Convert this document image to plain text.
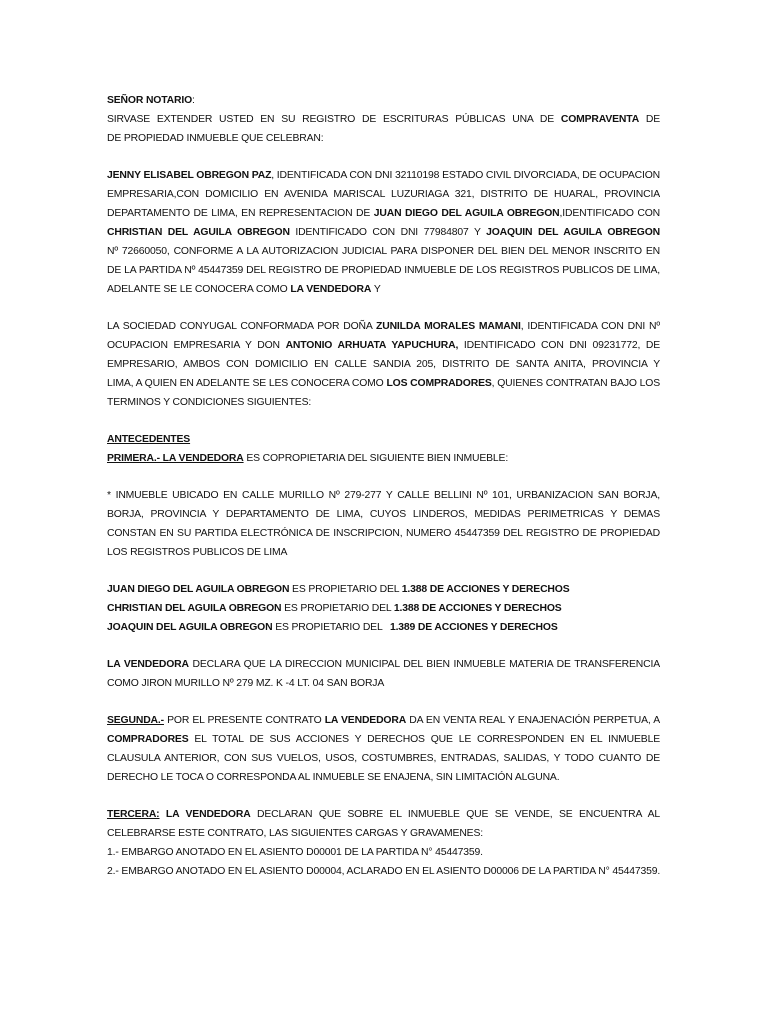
SEÑOR NOTARIO:
SIRVASE EXTENDER USTED EN SU REGISTRO DE ESCRITURAS PÚBLICAS UNA DE COMPRAVENTA DE
DE PROPIEDAD INMUEBLE QUE CELEBRAN:
JENNY ELISABEL OBREGON PAZ, IDENTIFICADA CON DNI 32110198 ESTADO CIVIL DIVORCIADA, DE OCUPACION
EMPRESARIA,CON DOMICILIO EN AVENIDA MARISCAL LUZURIAGA 321, DISTRITO DE HUARAL, PROVINCIA
DEPARTAMENTO DE LIMA, EN REPRESENTACION DE JUAN DIEGO DEL AGUILA OBREGON,IDENTIFICADO CON
CHRISTIAN DEL AGUILA OBREGON IDENTIFICADO CON DNI 77984807 Y JOAQUIN DEL AGUILA OBREGON
Nº 72660050, CONFORME A LA AUTORIZACION JUDICIAL PARA DISPONER DEL BIEN DEL MENOR INSCRITO EN
DE LA PARTIDA Nº 45447359 DEL REGISTRO DE PROPIEDAD INMUEBLE DE LOS REGISTROS PUBLICOS DE LIMA,
ADELANTE SE LE CONOCERA COMO LA VENDEDORA Y
LA SOCIEDAD CONYUGAL CONFORMADA POR DOÑA ZUNILDA MORALES MAMANI, IDENTIFICADA CON DNI Nº
OCUPACION EMPRESARIA Y DON ANTONIO ARHUATA YAPUCHURA, IDENTIFICADO CON DNI 09231772, DE
EMPRESARIO, AMBOS CON DOMICILIO EN CALLE SANDIA 205, DISTRITO DE SANTA ANITA, PROVINCIA Y
LIMA, A QUIEN EN ADELANTE SE LES CONOCERA COMO LOS COMPRADORES, QUIENES CONTRATAN BAJO LOS
TERMINOS Y CONDICIONES SIGUIENTES:
ANTECEDENTES
PRIMERA.- LA VENDEDORA ES COPROPIETARIA DEL SIGUIENTE BIEN INMUEBLE:
* INMUEBLE UBICADO EN CALLE MURILLO Nº 279-277 Y CALLE BELLINI Nº 101, URBANIZACION SAN BORJA,
BORJA, PROVINCIA Y DEPARTAMENTO DE LIMA, CUYOS LINDEROS, MEDIDAS PERIMETRICAS Y DEMAS
CONSTAN EN SU PARTIDA ELECTRÓNICA DE INSCRIPCION, NUMERO 45447359 DEL REGISTRO DE PROPIEDAD
LOS REGISTROS PUBLICOS DE LIMA
JUAN DIEGO DEL AGUILA OBREGON ES PROPIETARIO DEL 1.388 DE ACCIONES Y DERECHOS
CHRISTIAN DEL AGUILA OBREGON ES PROPIETARIO DEL 1.388 DE ACCIONES Y DERECHOS
JOAQUIN DEL AGUILA OBREGON ES PROPIETARIO DEL 1.389 DE ACCIONES Y DERECHOS
LA VENDEDORA DECLARA QUE LA DIRECCION MUNICIPAL DEL BIEN INMUEBLE MATERIA DE TRANSFERENCIA
COMO JIRON MURILLO Nº 279 MZ. K -4 LT. 04 SAN BORJA
SEGUNDA.- POR EL PRESENTE CONTRATO LA VENDEDORA DA EN VENTA REAL Y ENAJENACIÓN PERPETUA, A
COMPRADORES EL TOTAL DE SUS ACCIONES Y DERECHOS QUE LE CORRESPONDEN EN EL INMUEBLE
CLAUSULA ANTERIOR, CON SUS VUELOS, USOS, COSTUMBRES, ENTRADAS, SALIDAS, Y TODO CUANTO DE
DERECHO LE TOCA O CORRESPONDA AL INMUEBLE SE ENAJENA, SIN LIMITACIÓN ALGUNA.
TERCERA: LA VENDEDORA DECLARAN QUE SOBRE EL INMUEBLE QUE SE VENDE, SE ENCUENTRA AL
CELEBRARSE ESTE CONTRATO, LAS SIGUIENTES CARGAS Y GRAVAMENES:
1.- EMBARGO ANOTADO EN EL ASIENTO D00001 DE LA PARTIDA N° 45447359.
2.- EMBARGO ANOTADO EN EL ASIENTO D00004, ACLARADO EN EL ASIENTO D00006 DE LA PARTIDA N° 45447359.
